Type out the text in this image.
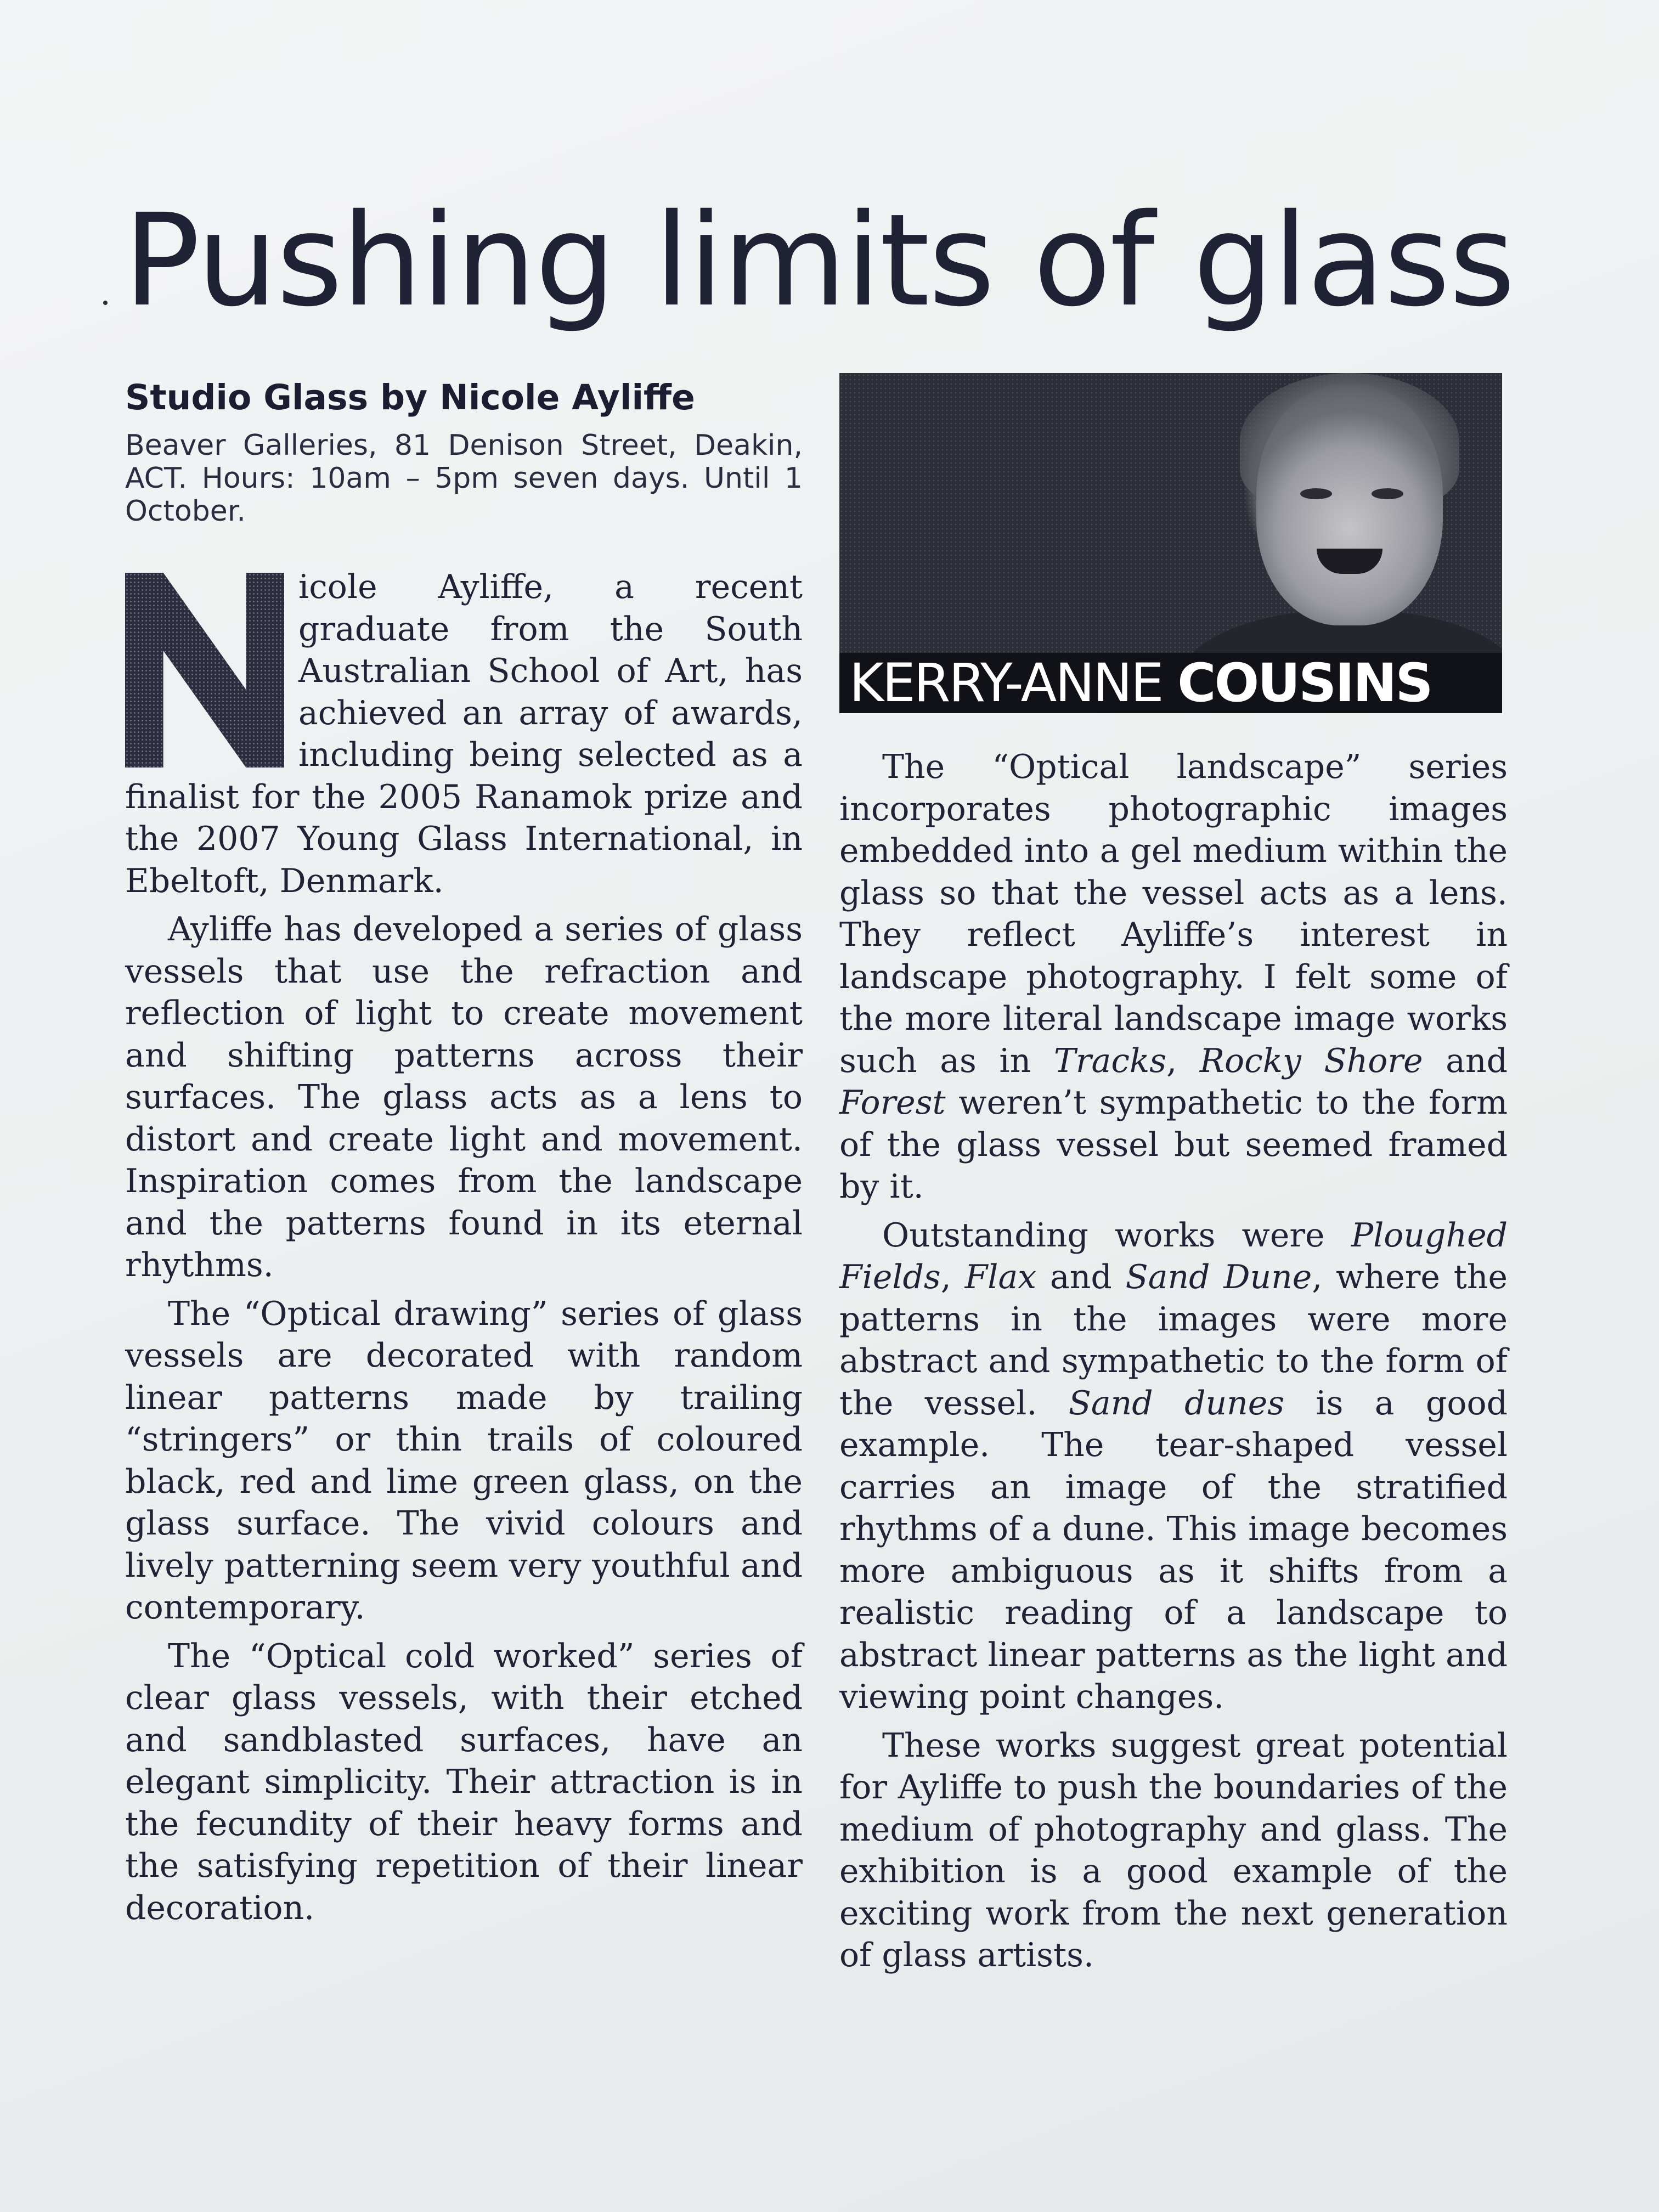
Pushing limits of glass
Studio Glass by Nicole Ayliffe

Beaver Galleries, 81 Denison Street, Deakin, ACT. Hours: 10am – 5pm seven days. Until 1 October.

icole Ayliffe, a recent graduate from the South Australian School of Art, has achieved an array of awards, including being selected as a finalist for the 2005 Ranamok prize and the 2007 Young Glass International, in Ebeltoft, Denmark.

Ayliffe has developed a series of glass vessels that use the refraction and reflection of light to create movement and shifting patterns across their surfaces. The glass acts as a lens to distort and create light and movement. Inspiration comes from the landscape and the patterns found in its eternal rhythms.

The “Optical drawing” series of glass vessels are decorated with random linear patterns made by trailing “stringers” or thin trails of coloured black, red and lime green glass, on the glass surface. The vivid colours and lively patterning seem very youthful and contemporary.

The “Optical cold worked” series of clear glass vessels, with their etched and sandblasted surfaces, have an elegant simplicity. Their attraction is in the fecundity of their heavy forms and the satisfying repetition of their linear decoration.

KERRY-ANNE COUSINS

The “Optical landscape” series incorporates photographic images embedded into a gel medium within the glass so that the vessel acts as a lens. They reflect Ayliffe’s interest in landscape photography. I felt some of the more literal landscape image works such as in Tracks, Rocky Shore and Forest weren’t sympathetic to the form of the glass vessel but seemed framed by it.

Outstanding works were Ploughed Fields, Flax and Sand Dune, where the patterns in the images were more abstract and sympathetic to the form of the vessel. Sand dunes is a good example. The tear-shaped vessel carries an image of the stratified rhythms of a dune. This image becomes more ambiguous as it shifts from a realistic reading of a landscape to abstract linear patterns as the light and viewing point changes.

These works suggest great potential for Ayliffe to push the boundaries of the medium of photography and glass. The exhibition is a good example of the exciting work from the next generation of glass artists.
